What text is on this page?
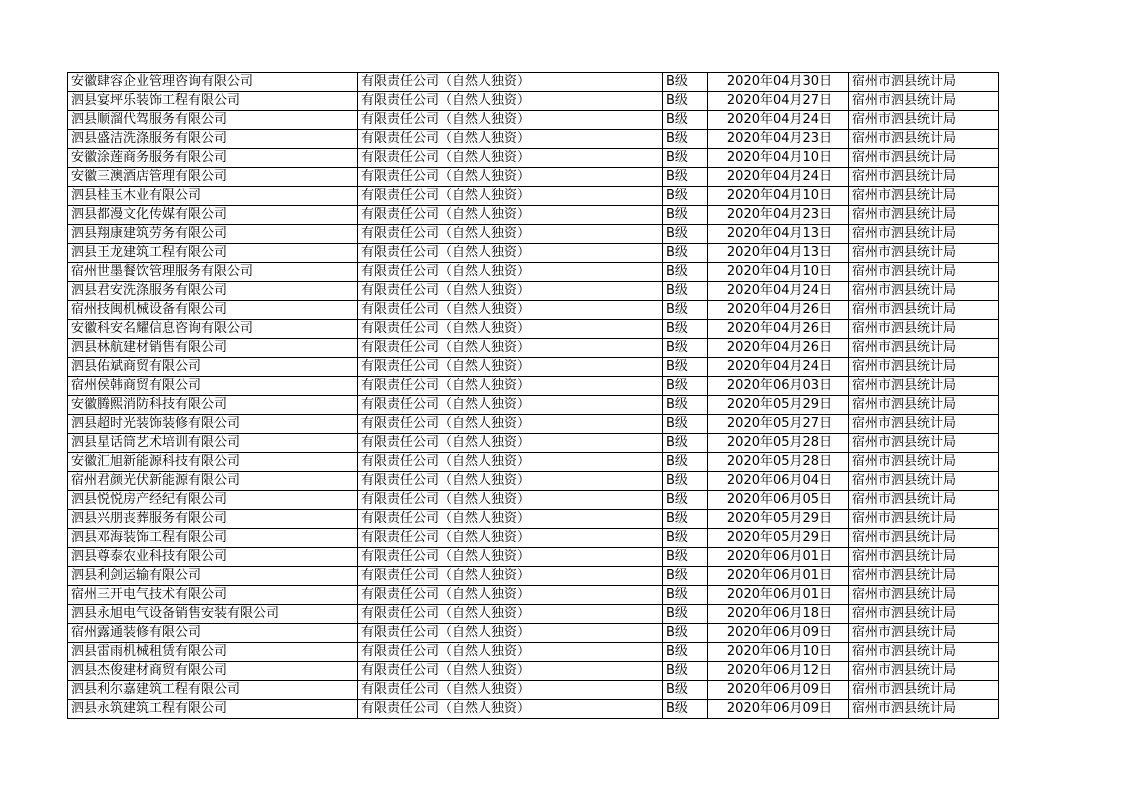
安徽肆容企业管理咨询有限公司	有限责任公司（自然人独资）	B级	2020年04月30日	宿州市泗县统计局
泗县宴坪乐装饰工程有限公司	有限责任公司（自然人独资）	B级	2020年04月27日	宿州市泗县统计局
泗县顺溜代驾服务有限公司	有限责任公司（自然人独资）	B级	2020年04月24日	宿州市泗县统计局
泗县盛洁洗涤服务有限公司	有限责任公司（自然人独资）	B级	2020年04月23日	宿州市泗县统计局
安徽涂莲商务服务有限公司	有限责任公司（自然人独资）	B级	2020年04月10日	宿州市泗县统计局
安徽三澳酒店管理有限公司	有限责任公司（自然人独资）	B级	2020年04月24日	宿州市泗县统计局
泗县桂玉木业有限公司	有限责任公司（自然人独资）	B级	2020年04月10日	宿州市泗县统计局
泗县都漫文化传媒有限公司	有限责任公司（自然人独资）	B级	2020年04月23日	宿州市泗县统计局
泗县翔康建筑劳务有限公司	有限责任公司（自然人独资）	B级	2020年04月13日	宿州市泗县统计局
泗县王龙建筑工程有限公司	有限责任公司（自然人独资）	B级	2020年04月13日	宿州市泗县统计局
宿州世墨餐饮管理服务有限公司	有限责任公司（自然人独资）	B级	2020年04月10日	宿州市泗县统计局
泗县君安洗涤服务有限公司	有限责任公司（自然人独资）	B级	2020年04月24日	宿州市泗县统计局
宿州技闽机械设备有限公司	有限责任公司（自然人独资）	B级	2020年04月26日	宿州市泗县统计局
安徽科安名耀信息咨询有限公司	有限责任公司（自然人独资）	B级	2020年04月26日	宿州市泗县统计局
泗县林航建材销售有限公司	有限责任公司（自然人独资）	B级	2020年04月26日	宿州市泗县统计局
泗县佑斌商贸有限公司	有限责任公司（自然人独资）	B级	2020年04月24日	宿州市泗县统计局
宿州侯韩商贸有限公司	有限责任公司（自然人独资）	B级	2020年06月03日	宿州市泗县统计局
安徽腾熙消防科技有限公司	有限责任公司（自然人独资）	B级	2020年05月29日	宿州市泗县统计局
泗县超时光装饰装修有限公司	有限责任公司（自然人独资）	B级	2020年05月27日	宿州市泗县统计局
泗县星话筒艺术培训有限公司	有限责任公司（自然人独资）	B级	2020年05月28日	宿州市泗县统计局
安徽汇旭新能源科技有限公司	有限责任公司（自然人独资）	B级	2020年05月28日	宿州市泗县统计局
宿州君颜光伏新能源有限公司	有限责任公司（自然人独资）	B级	2020年06月04日	宿州市泗县统计局
泗县悦悦房产经纪有限公司	有限责任公司（自然人独资）	B级	2020年06月05日	宿州市泗县统计局
泗县兴朋丧葬服务有限公司	有限责任公司（自然人独资）	B级	2020年05月29日	宿州市泗县统计局
泗县邓海装饰工程有限公司	有限责任公司（自然人独资）	B级	2020年05月29日	宿州市泗县统计局
泗县尊泰农业科技有限公司	有限责任公司（自然人独资）	B级	2020年06月01日	宿州市泗县统计局
泗县利剑运输有限公司	有限责任公司（自然人独资）	B级	2020年06月01日	宿州市泗县统计局
宿州三开电气技术有限公司	有限责任公司（自然人独资）	B级	2020年06月01日	宿州市泗县统计局
泗县永旭电气设备销售安装有限公司	有限责任公司（自然人独资）	B级	2020年06月18日	宿州市泗县统计局
宿州露通装修有限公司	有限责任公司（自然人独资）	B级	2020年06月09日	宿州市泗县统计局
泗县雷雨机械租赁有限公司	有限责任公司（自然人独资）	B级	2020年06月10日	宿州市泗县统计局
泗县杰俊建材商贸有限公司	有限责任公司（自然人独资）	B级	2020年06月12日	宿州市泗县统计局
泗县利尔嘉建筑工程有限公司	有限责任公司（自然人独资）	B级	2020年06月09日	宿州市泗县统计局
泗县永筑建筑工程有限公司	有限责任公司（自然人独资）	B级	2020年06月09日	宿州市泗县统计局
